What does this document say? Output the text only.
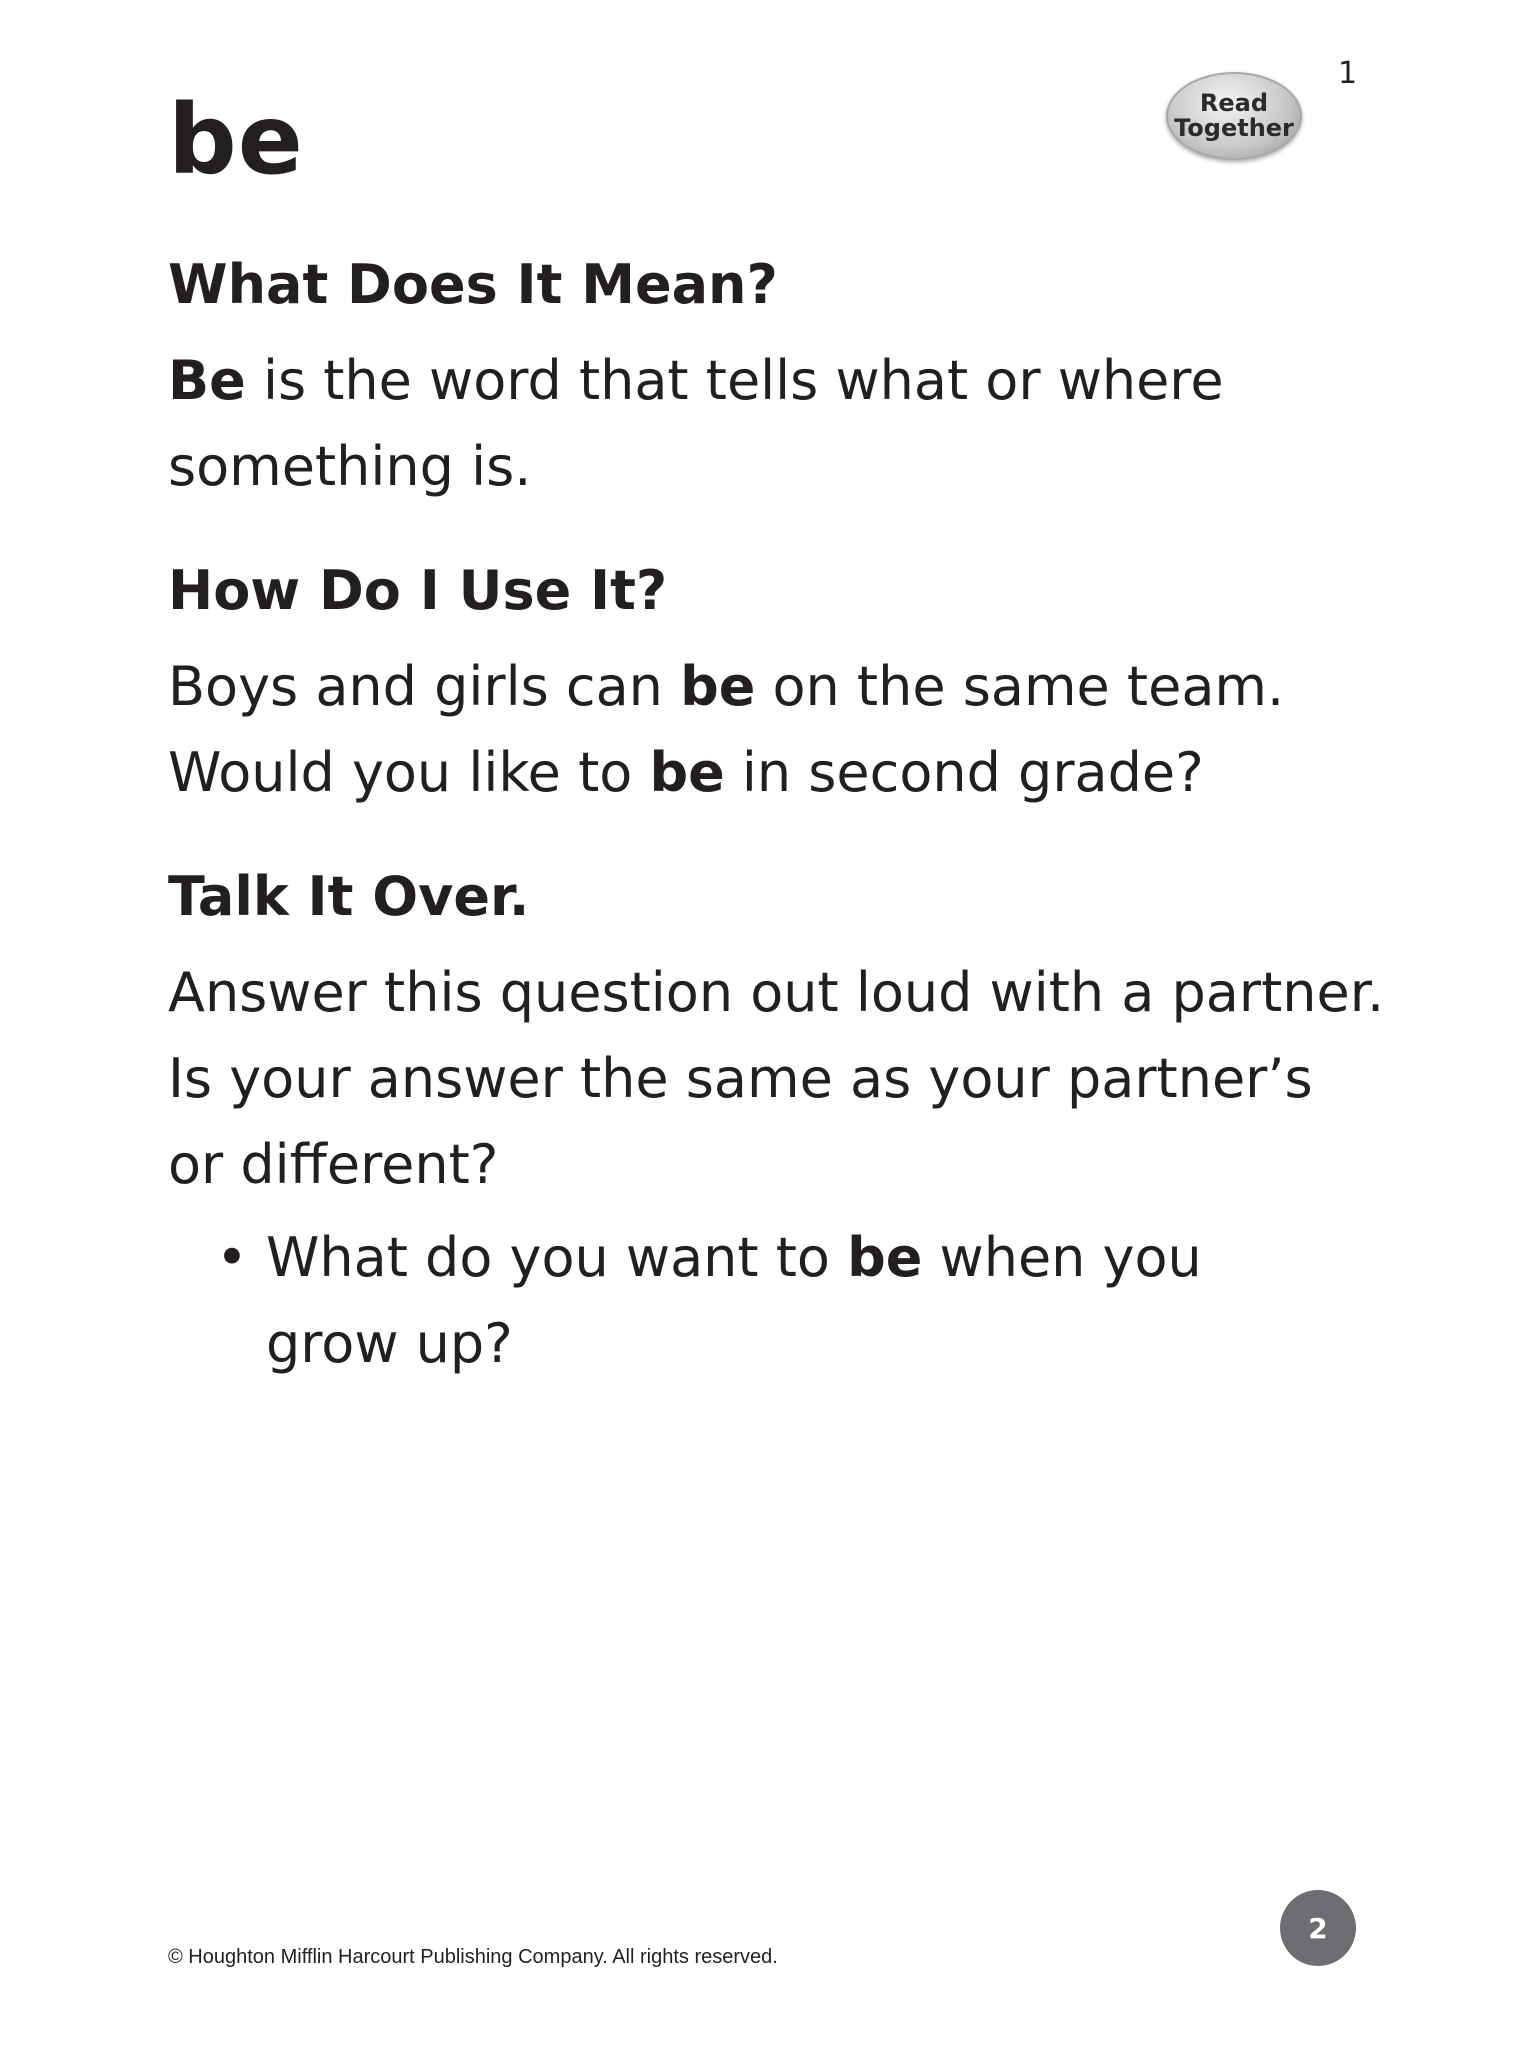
1
be	Read
Together
What Does It Mean?
Be is the word that tells what or where
something is.
How Do I Use It?
Boys and girls can be on the same team.
Would you like to be in second grade?
Talk It Over.
Answer this question out loud with a partner.
Is your answer the same as your partner’s
or different?
• What do you want to be when you
grow up?
2
© Houghton Mifflin Harcourt Publishing Company. All rights reserved.
